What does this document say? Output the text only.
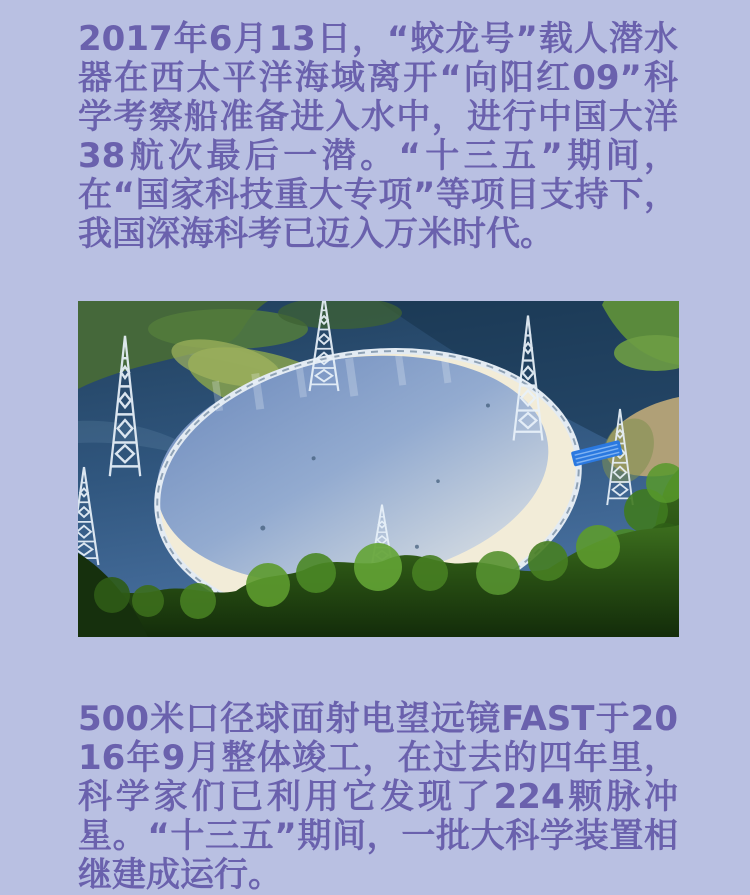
2017年6月13日，“蛟龙号”载人潜水器在西太平洋海域离开“向阳红09”科学考察船准备进入水中，进行中国大洋38航次最后一潜。“十三五”期间，在“国家科技重大专项”等项目支持下，我国深海科考已迈入万米时代。

500米口径球面射电望远镜FAST于2016年9月整体竣工，在过去的四年里，科学家们已利用它发现了224颗脉冲星。“十三五”期间，一批大科学装置相继建成运行。
